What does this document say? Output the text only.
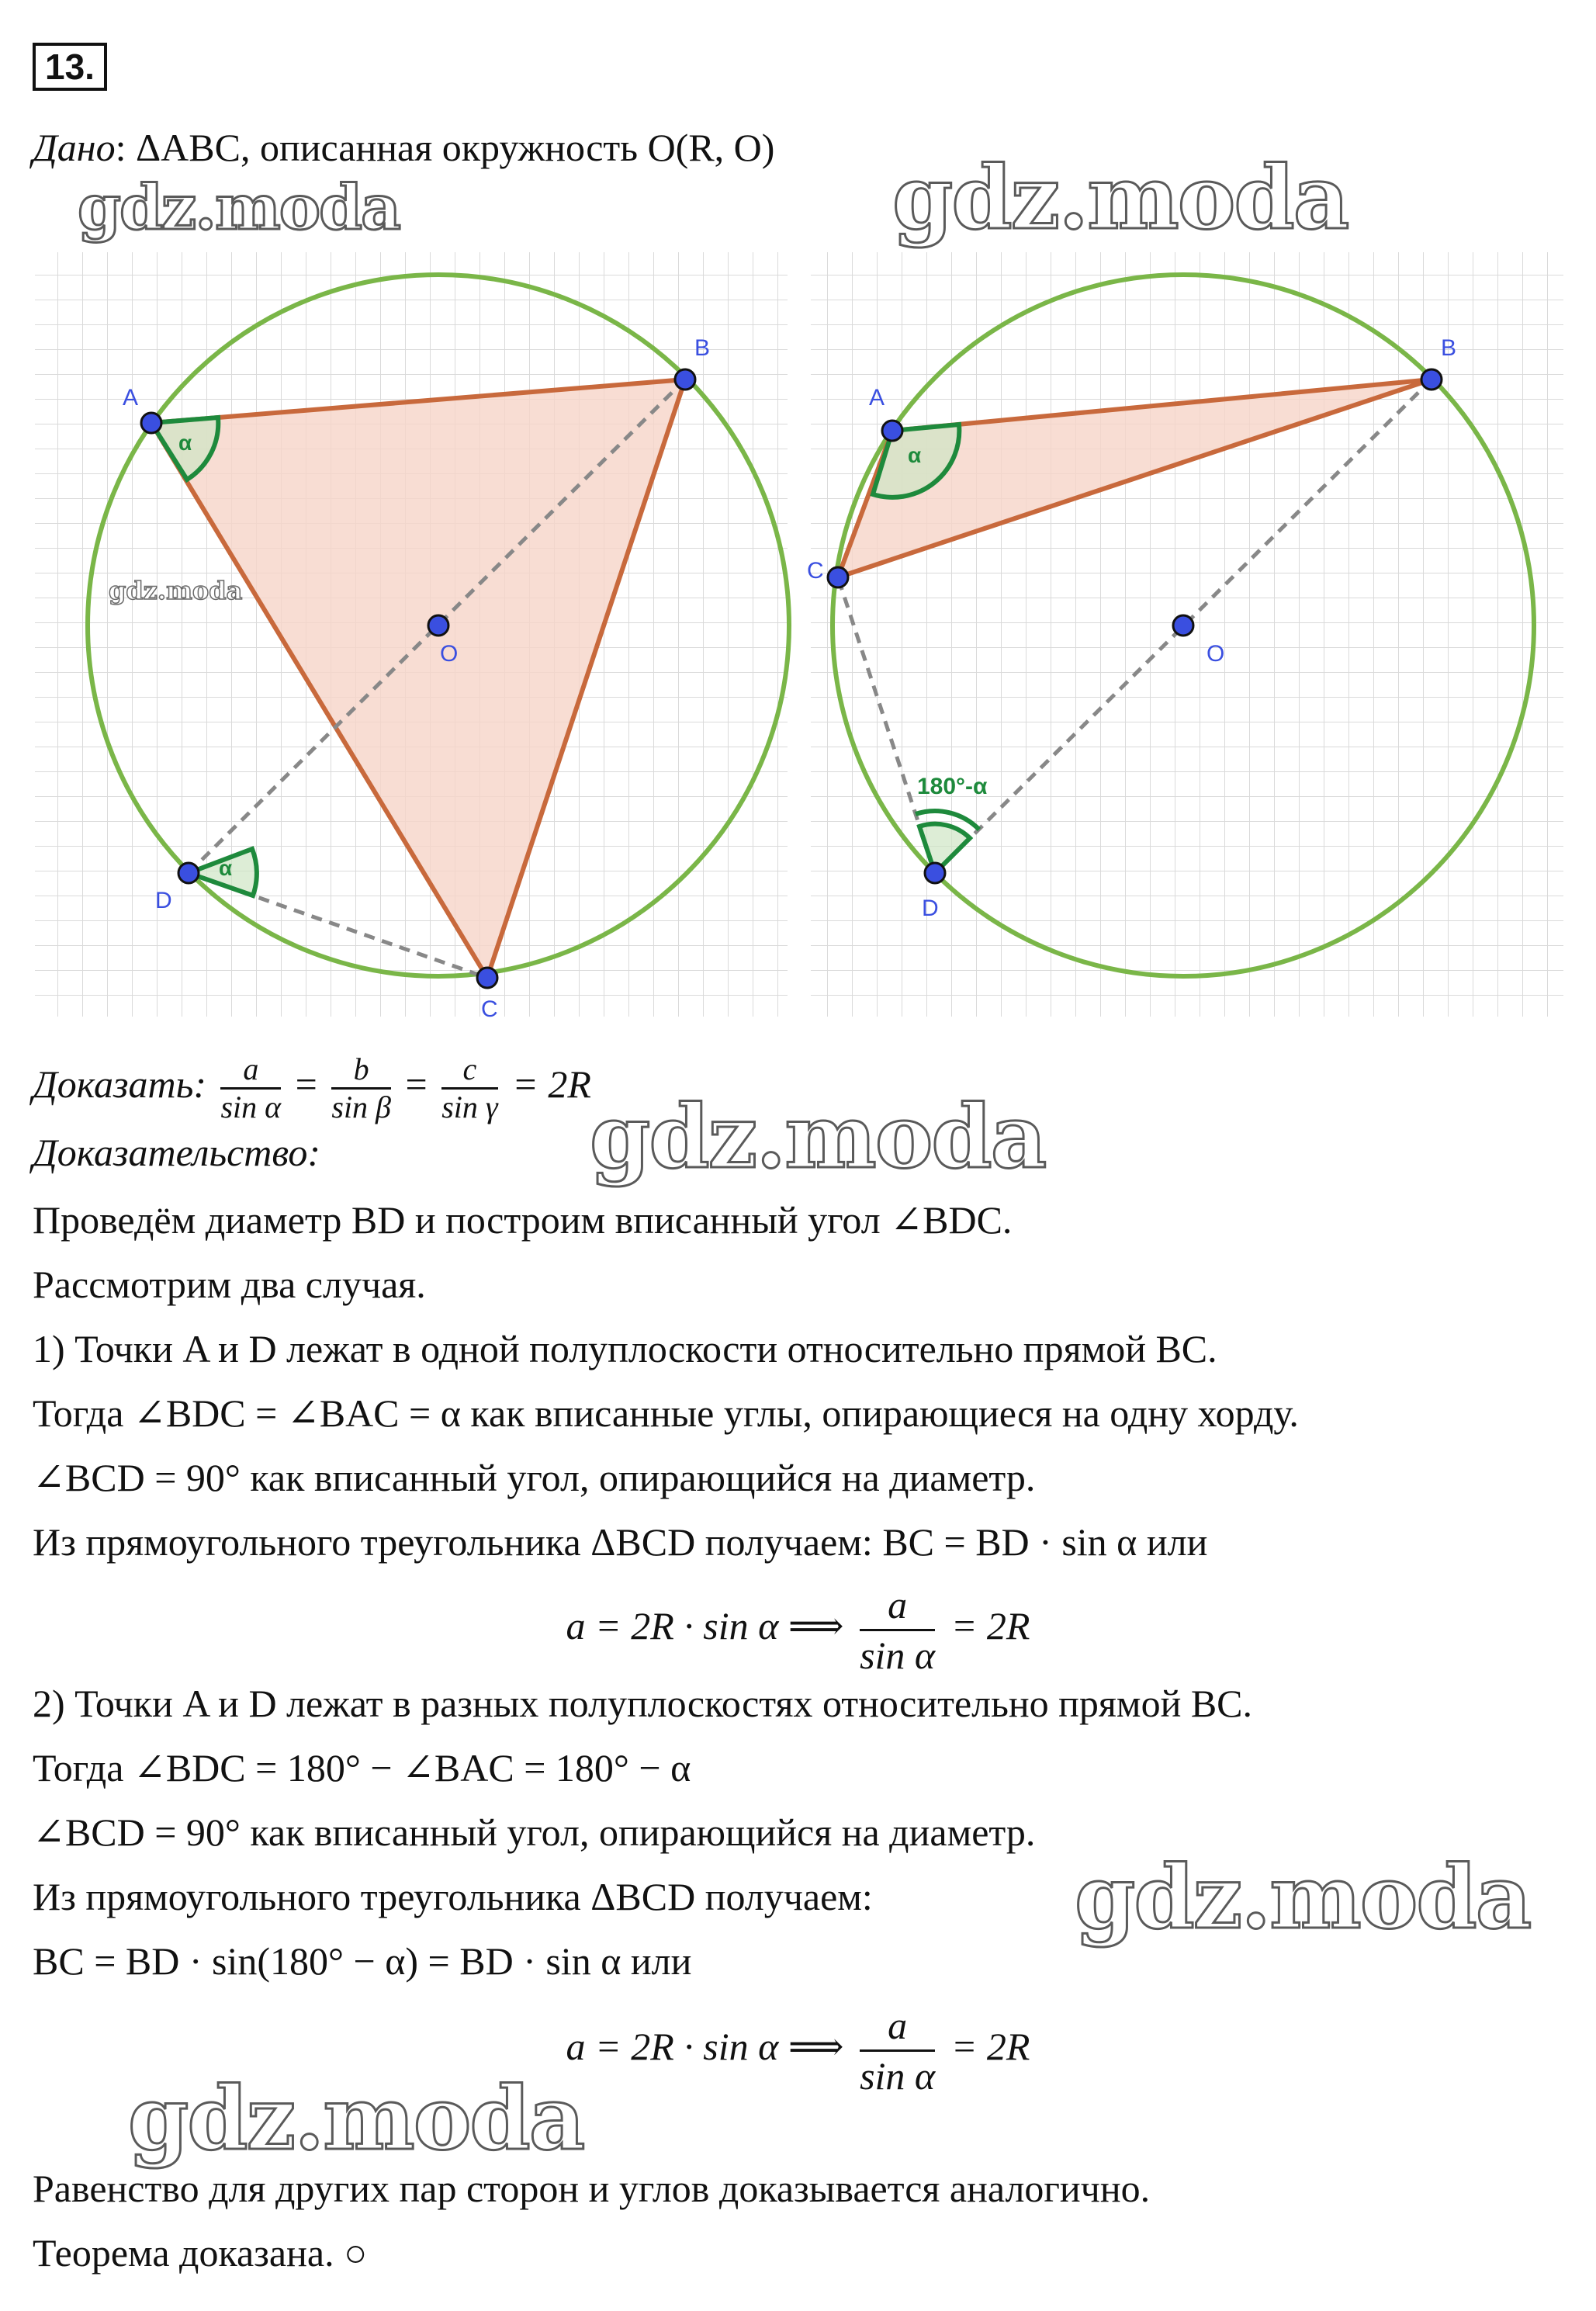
13.
Дано: ΔABC, описанная окружность O(R, O)
gdz.moda	gdz.moda
A
B
C
D
O
α
α
gdz.moda
A
B
C
D
O
α
180°-α
Доказать: $\frac{a}{\text{sin α}} = \frac{b}{\text{sin β}} = \frac{c}{\text{sin γ}} = 2R$
Доказательство:	gdz.moda
Проведём диаметр BD и построим вписанный угол ∠BDC.
Рассмотрим два случая.
1) Точки A и D лежат в одной полуплоскости относительно прямой BC.
Тогда ∠BDC = ∠BAC = α как вписанные углы, опирающиеся на одну хорду.
∠BCD = 90° как вписанный угол, опирающийся на диаметр.
Из прямоугольного треугольника ΔBCD получаем: BC = BD · sin α или
a = 2R · sin α ⟹ $\frac{a}{\text{sin α}} = 2R$
2) Точки A и D лежат в разных полуплоскостях относительно прямой BC.
Тогда ∠BDC = 180° − ∠BAC = 180° − α
∠BCD = 90° как вписанный угол, опирающийся на диаметр.
Из прямоугольного треугольника ΔBCD получаем: gdz.moda
BC = BD · sin(180° − α) = BD · sin α или
a = 2R · sin α ⟹ $\frac{a}{\text{sin α}} = 2R$
gdz.moda
Равенство для других пар сторон и углов доказывается аналогично.
Теорема доказана. ○
